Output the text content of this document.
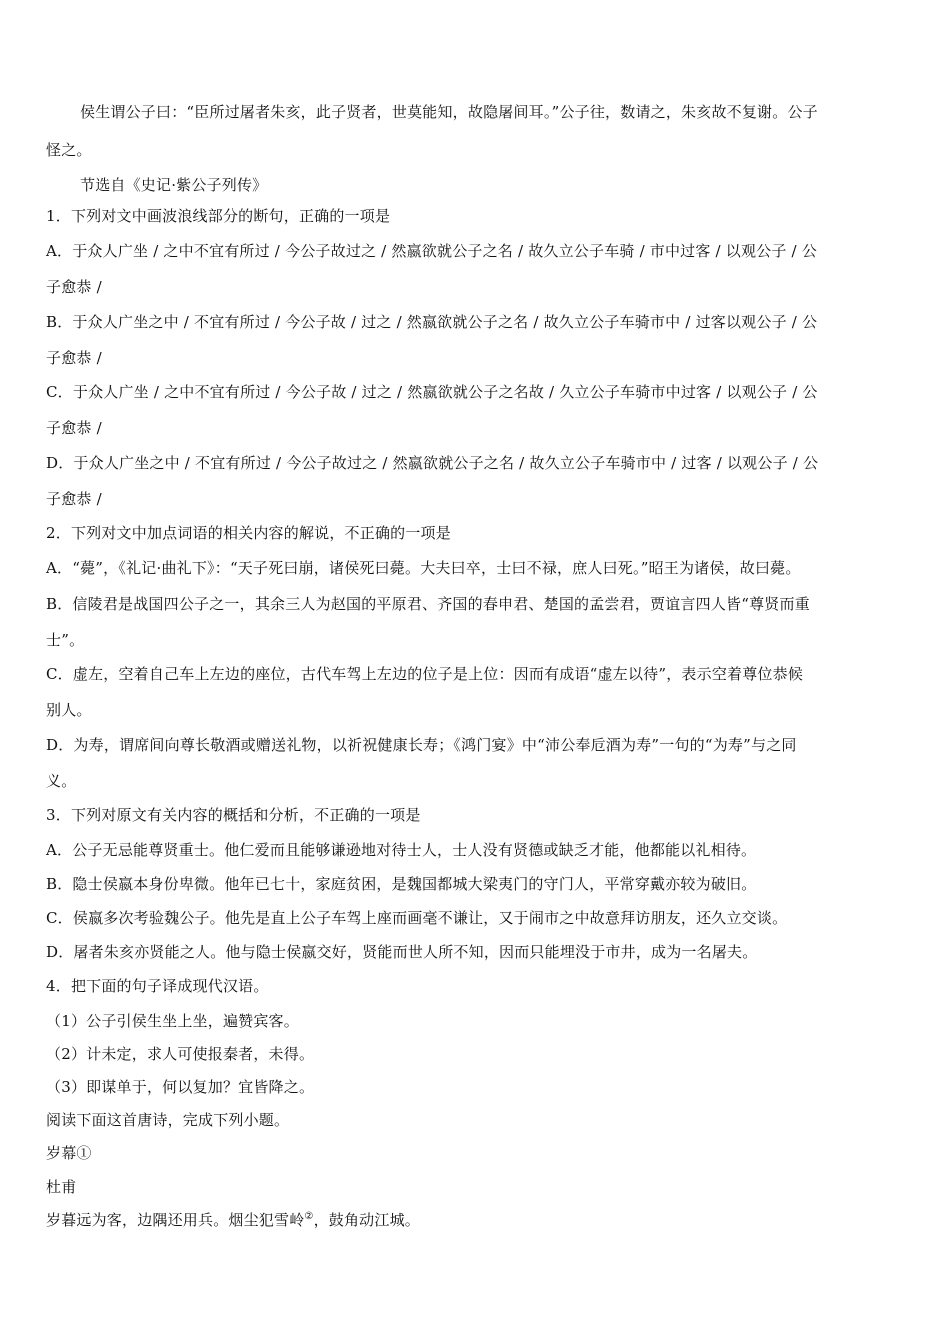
侯生谓公子曰：“臣所过屠者朱亥，此子贤者，世莫能知，故隐屠间耳。”公子往，数请之，朱亥故不复谢。公子
怪之。
节选自《史记·紫公子列传》
1．下列对文中画波浪线部分的断句，正确的一项是
A．于众人广坐 / 之中不宜有所过 / 今公子故过之 / 然嬴欲就公子之名 / 故久立公子车骑 / 市中过客 / 以观公子 / 公
子愈恭 /
B．于众人广坐之中 / 不宜有所过 / 今公子故 / 过之 / 然嬴欲就公子之名 / 故久立公子车骑市中 / 过客以观公子 / 公
子愈恭 /
C．于众人广坐 / 之中不宜有所过 / 今公子故 / 过之 / 然嬴欲就公子之名故 / 久立公子车骑市中过客 / 以观公子 / 公
子愈恭 /
D．于众人广坐之中 / 不宜有所过 / 今公子故过之 / 然嬴欲就公子之名 / 故久立公子车骑市中 / 过客 / 以观公子 / 公
子愈恭 /
2．下列对文中加点词语的相关内容的解说，不正确的一项是
A．“薨”，《礼记·曲礼下》：“天子死曰崩，诸侯死曰薨。大夫曰卒，士曰不禄，庶人曰死。”昭王为诸侯，故曰薨。
B．信陵君是战国四公子之一，其余三人为赵国的平原君、齐国的春申君、楚国的孟尝君，贾谊言四人皆“尊贤而重
士”。
C．虚左，空着自己车上左边的座位，古代车驾上左边的位子是上位：因而有成语“虚左以待”，表示空着尊位恭候
别人。
D．为寿，谓席间向尊长敬酒或赠送礼物，以祈祝健康长寿；《鸿门宴》中“沛公奉卮酒为寿”一句的“为寿”与之同
义。
3．下列对原文有关内容的概括和分析，不正确的一项是
A．公子无忌能尊贤重士。他仁爱而且能够谦逊地对待士人，士人没有贤德或缺乏才能，他都能以礼相待。
B．隐士侯嬴本身份卑微。他年已七十，家庭贫困，是魏国都城大梁夷门的守门人，平常穿戴亦较为破旧。
C．侯嬴多次考验魏公子。他先是直上公子车驾上座而画毫不谦让，又于闹市之中故意拜访朋友，还久立交谈。
D．屠者朱亥亦贤能之人。他与隐士侯嬴交好，贤能而世人所不知，因而只能埋没于市井，成为一名屠夫。
4．把下面的句子译成现代汉语。
（1）公子引侯生坐上坐，遍赞宾客。
（2）计未定，求人可使报秦者，未得。
（3）即谋单于，何以复加？宜皆降之。
阅读下面这首唐诗，完成下列小题。
岁幕①
杜甫
岁暮远为客，边隅还用兵。烟尘犯雪岭②，鼓角动江城。
